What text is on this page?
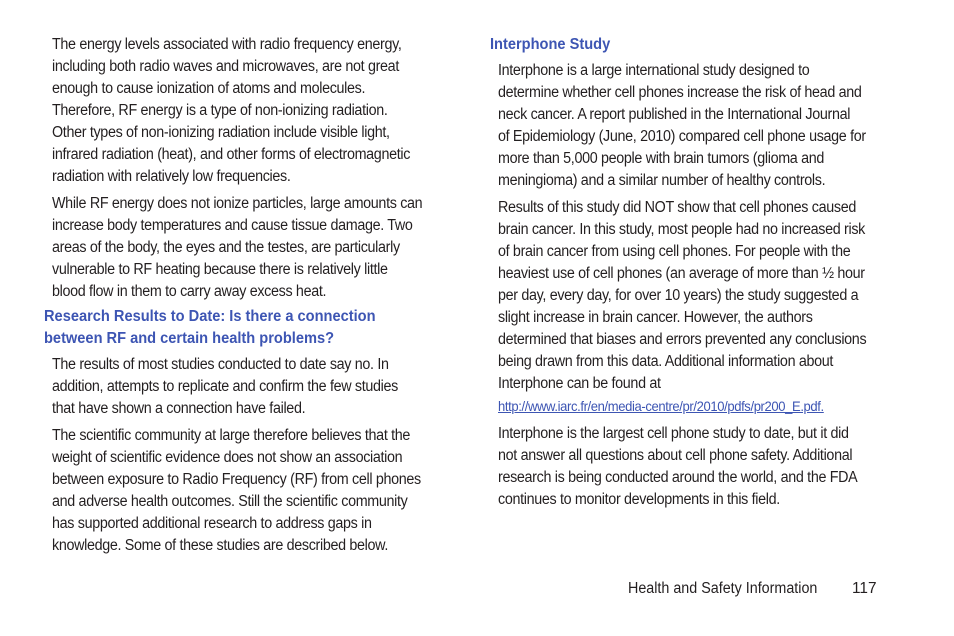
The energy levels associated with radio frequency energy,
including both radio waves and microwaves, are not great
enough to cause ionization of atoms and molecules.
Therefore, RF energy is a type of non-ionizing radiation.
Other types of non-ionizing radiation include visible light,
infrared radiation (heat), and other forms of electromagnetic
radiation with relatively low frequencies.

While RF energy does not ionize particles, large amounts can
increase body temperatures and cause tissue damage. Two
areas of the body, the eyes and the testes, are particularly
vulnerable to RF heating because there is relatively little
blood flow in them to carry away excess heat.

Research Results to Date: Is there a connection
between RF and certain health problems?

The results of most studies conducted to date say no. In
addition, attempts to replicate and confirm the few studies
that have shown a connection have failed.

The scientific community at large therefore believes that the
weight of scientific evidence does not show an association
between exposure to Radio Frequency (RF) from cell phones
and adverse health outcomes. Still the scientific community
has supported additional research to address gaps in
knowledge. Some of these studies are described below.

Interphone Study

Interphone is a large international study designed to
determine whether cell phones increase the risk of head and
neck cancer. A report published in the International Journal
of Epidemiology (June, 2010) compared cell phone usage for
more than 5,000 people with brain tumors (glioma and
meningioma) and a similar number of healthy controls.

Results of this study did NOT show that cell phones caused
brain cancer. In this study, most people had no increased risk
of brain cancer from using cell phones. For people with the
heaviest use of cell phones (an average of more than ½ hour
per day, every day, for over 10 years) the study suggested a
slight increase in brain cancer. However, the authors
determined that biases and errors prevented any conclusions
being drawn from this data. Additional information about
Interphone can be found at
http://www.iarc.fr/en/media-centre/pr/2010/pdfs/pr200_E.pdf.

Interphone is the largest cell phone study to date, but it did
not answer all questions about cell phone safety. Additional
research is being conducted around the world, and the FDA
continues to monitor developments in this field.

Health and Safety Information 117
